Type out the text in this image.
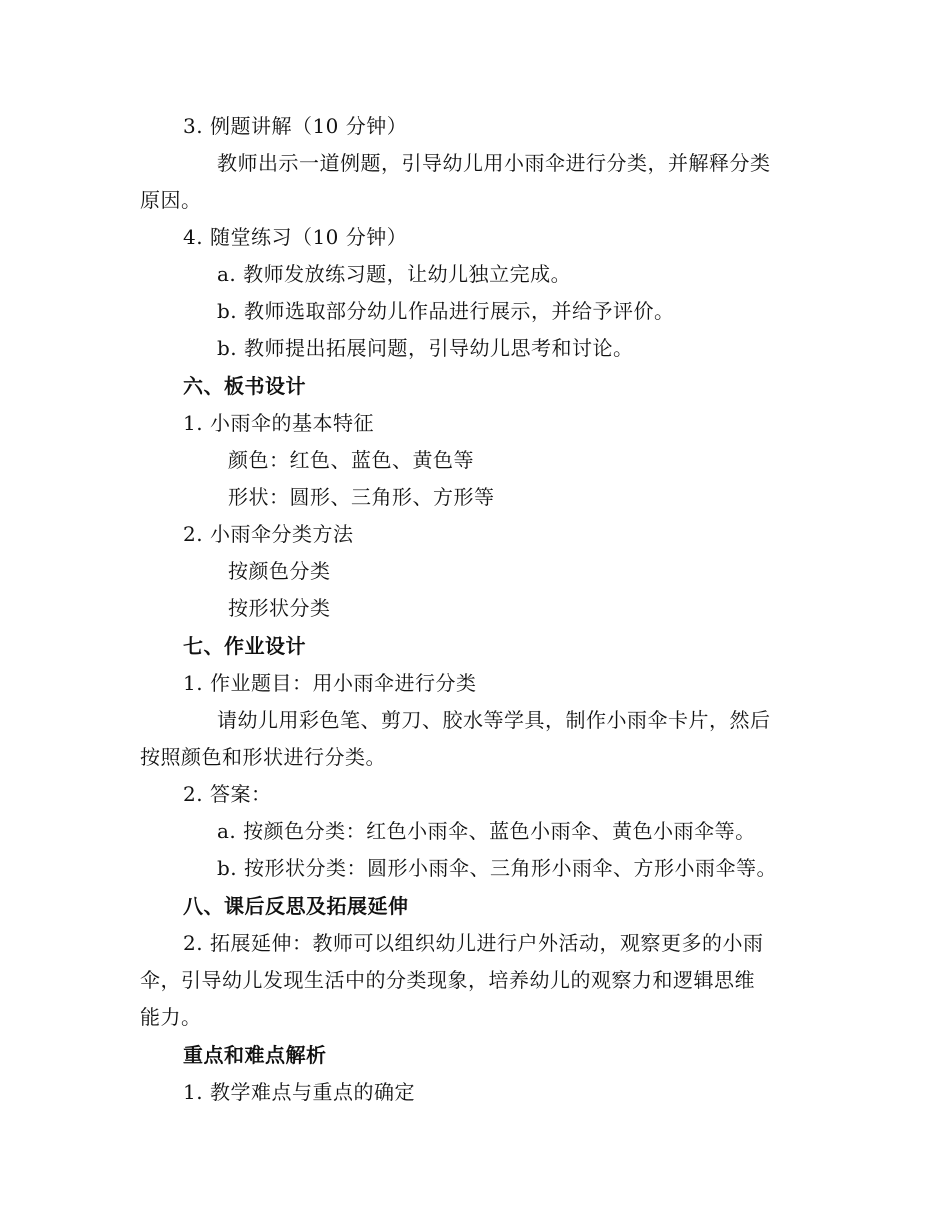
3. 例题讲解（10 分钟）
教师出示一道例题，引导幼儿用小雨伞进行分类，并解释分类
原因。
4. 随堂练习（10 分钟）
a. 教师发放练习题，让幼儿独立完成。
b. 教师选取部分幼儿作品进行展示，并给予评价。
b. 教师提出拓展问题，引导幼儿思考和讨论。
六、板书设计
1. 小雨伞的基本特征
颜色：红色、蓝色、黄色等
形状：圆形、三角形、方形等
2. 小雨伞分类方法
按颜色分类
按形状分类
七、作业设计
1. 作业题目：用小雨伞进行分类
请幼儿用彩色笔、剪刀、胶水等学具，制作小雨伞卡片，然后
按照颜色和形状进行分类。
2. 答案：
a. 按颜色分类：红色小雨伞、蓝色小雨伞、黄色小雨伞等。
b. 按形状分类：圆形小雨伞、三角形小雨伞、方形小雨伞等。
八、课后反思及拓展延伸
2. 拓展延伸：教师可以组织幼儿进行户外活动，观察更多的小雨
伞，引导幼儿发现生活中的分类现象，培养幼儿的观察力和逻辑思维
能力。
重点和难点解析
1. 教学难点与重点的确定
